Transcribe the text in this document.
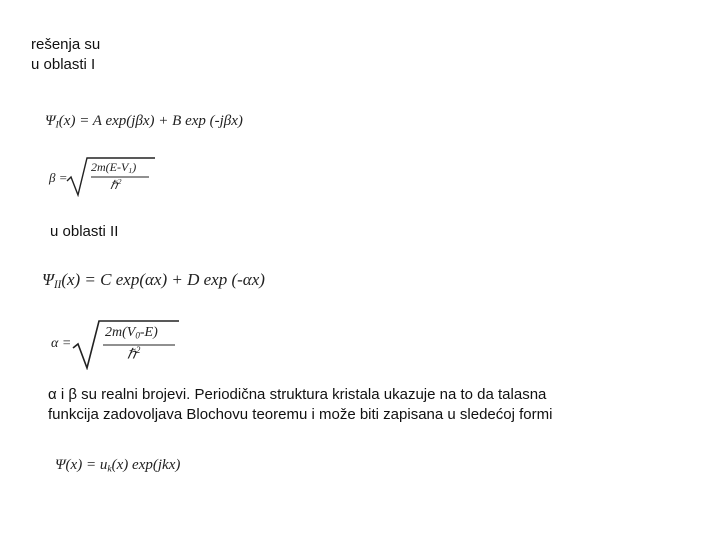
rešenja su
u oblasti I
$\Psi_I(x) = A$ exp(jβx) + B exp (-jβx)
β =
$2m(E-V_1)$
ℏ$^2$
u oblasti II
$\Psi_{II}(x) = C$ exp(αx) + D exp (-αx)
α =
$2m(V_0-E)$
ℏ$^2$
α i β su realni brojevi. Periodična struktura kristala ukazuje na to da talasna
funkcija zadovoljava Blochovu teoremu i može biti zapisana u sledećoj formi
$\Psi(x) = u_k(x)$ exp(jkx)
